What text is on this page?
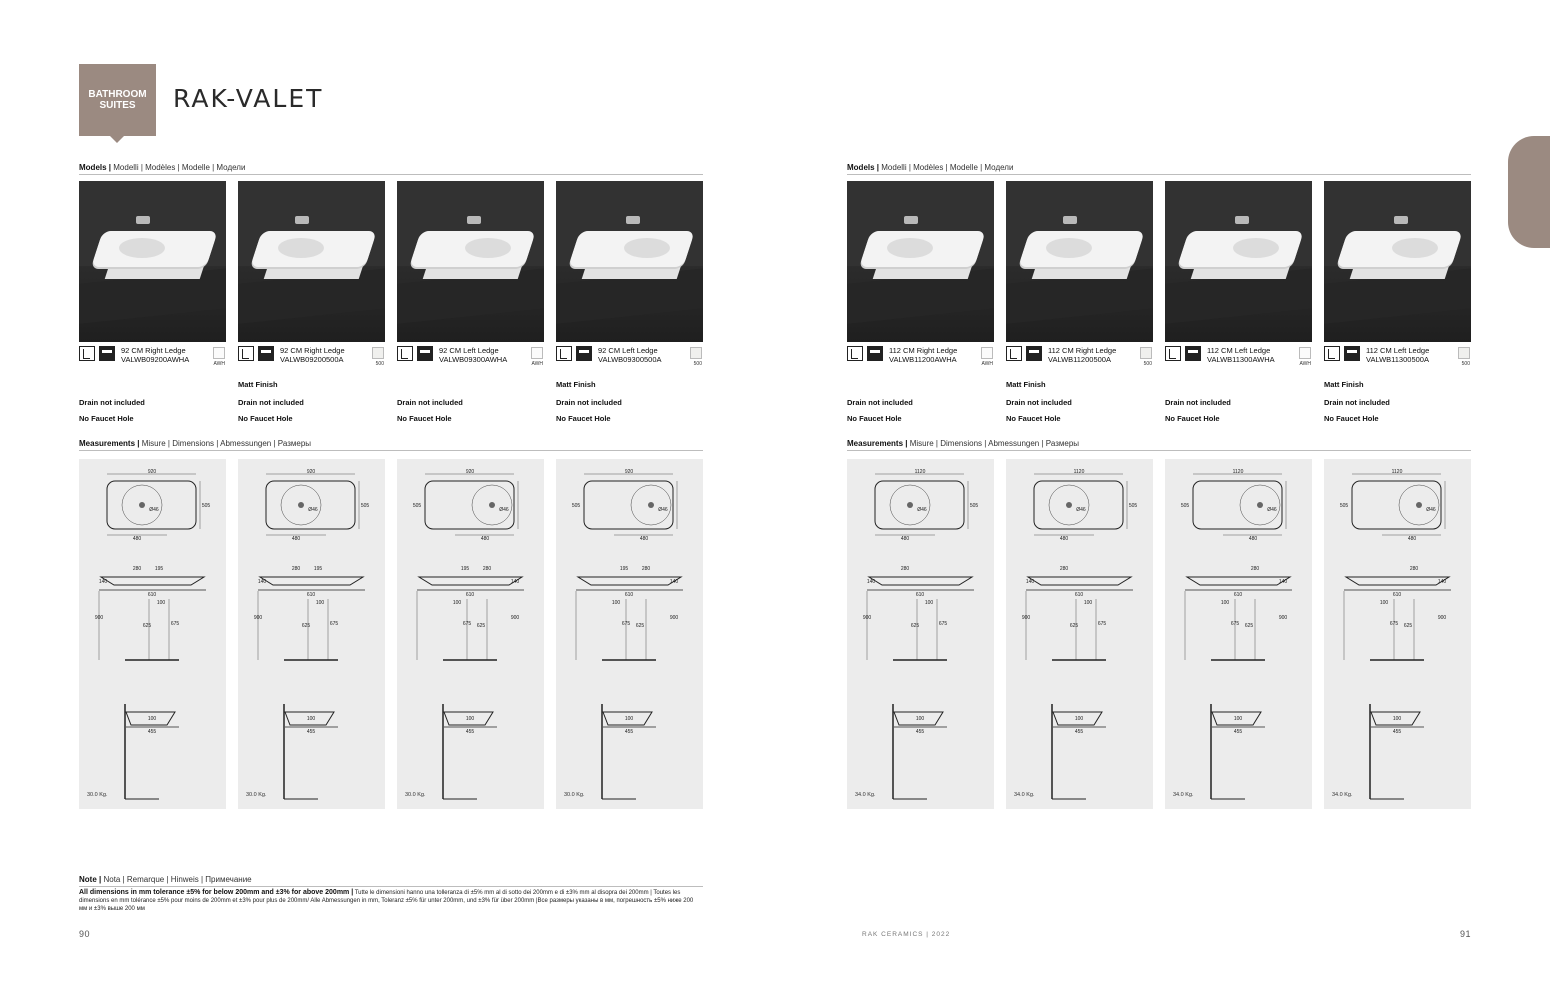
BATHROOM
SUITES RAK-VALET

Models | Modelli | Modèles | Modelle | Модели
92 CM Right Ledge
VALWB09200AWHA	AWH
Drain not included
No Faucet Hole
92 CM Right Ledge
VALWB09200500A	500
Matt Finish
Drain not included
No Faucet Hole
92 CM Left Ledge
VALWB09300AWHA	AWH
Drain not included
No Faucet Hole
92 CM Left Ledge
VALWB09300500A	500
Matt Finish
Drain not included
No Faucet Hole
Measurements | Misure | Dimensions | Abmessungen | Размеры
920
Ø46
505
480
280	195
140
610
100
900
625	675
100
455
30.0 Kg.
920
Ø46
505
480
280	195
140
610
100
900
625	675
100
455
30.0 Kg.
920
Ø46
505
480
280
195
140
610
100
900
625
675
100
455
30.0 Kg.
920
Ø46
505
480
280
195
140
610
100
900
625
675
100
455
30.0 Kg.
Models | Modelli | Modèles | Modelle | Модели
112 CM Right Ledge
VALWB11200AWHA	AWH
Drain not included
No Faucet Hole
112 CM Right Ledge
VALWB11200500A	500
Matt Finish
Drain not included
No Faucet Hole
112 CM Left Ledge
VALWB11300AWHA	AWH
Drain not included
No Faucet Hole
112 CM Left Ledge
VALWB11300500A	500
Matt Finish
Drain not included
No Faucet Hole
Measurements | Misure | Dimensions | Abmessungen | Размеры
1120
Ø46
505
480
280
140
610
100
900
625	675
100
455
34.0 Kg.
1120
Ø46
505
480
280
140
610
100
900
625	675
100
455
34.0 Kg.
1120
Ø46
505
480
280
140
610
100
900
625
675
100
455
34.0 Kg.
1120
Ø46
505
480
280
140
610
100
900
625
675
100
455
34.0 Kg.
Note | Nota | Remarque | Hinweis | Примечание
All dimensions in mm tolerance ±5% for below 200mm and ±3% for above 200mm | Tutte le dimensioni hanno una tolleranza di ±5% mm al di sotto dei 200mm e di ±3% mm al disopra dei 200mm | Toutes les dimensions en mm tolérance ±5% pour moins de 200mm et ±3% pour plus de 200mm/ Alle Abmessungen in mm, Toleranz ±5% für unter 200mm, und ±3% für über 200mm |Все размеры указаны в мм, погрешность ±5% ниже 200 мм и ±3% выше 200 мм
90	RAK CERAMICS | 2022	91
